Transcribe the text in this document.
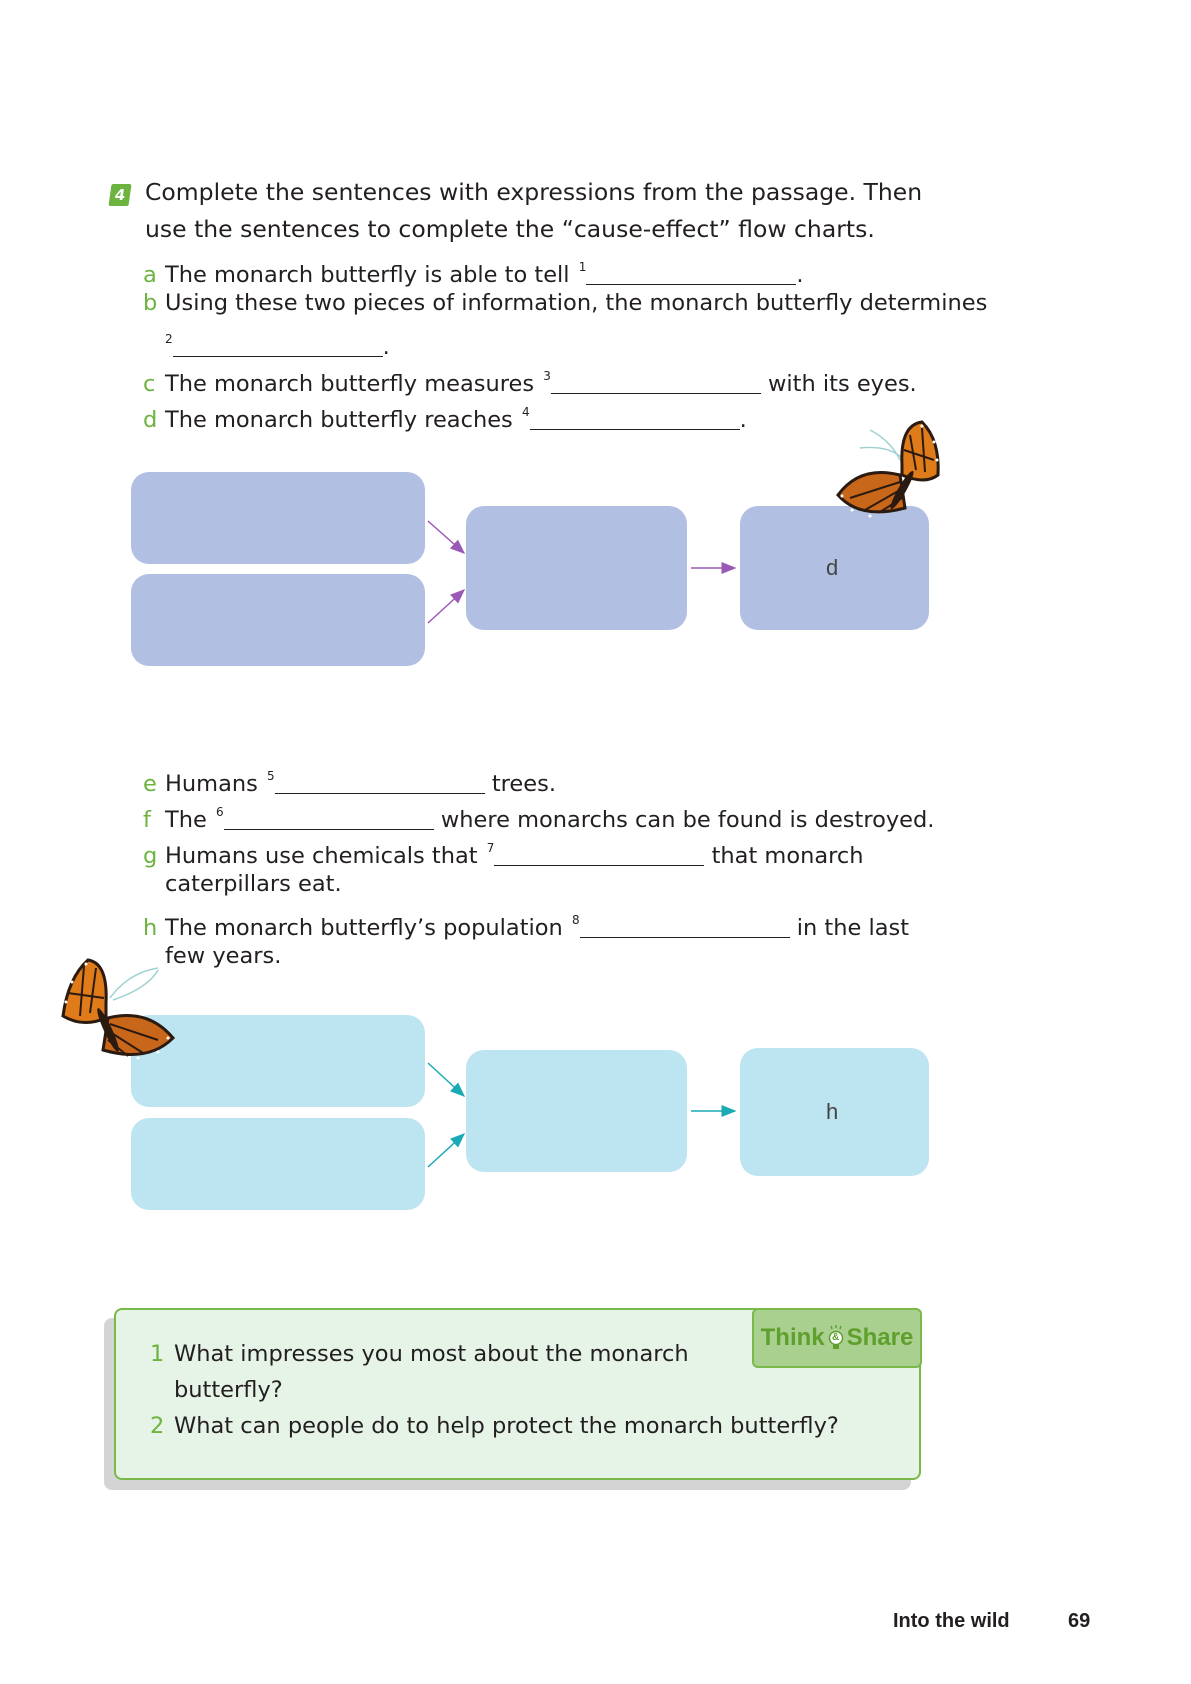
4 Complete the sentences with expressions from the passage. Then use the sentences to complete the “cause-effect” flow charts.
a The monarch butterfly is able to tell $^1$	.
b Using these two pieces of information, the monarch butterfly determines
$^2$	.
c The monarch butterfly measures $^3$	with its eyes.
d The monarch butterfly reaches $^4$	.
d
e Humans $^5$	trees.
f The $^6$	where monarchs can be found is destroyed.
g Humans use chemicals that $^7$	that monarch
caterpillars eat.
h The monarch butterfly’s population $^8$	in the last
few years.
h
Think & Share
1 What impresses you most about the monarch
butterfly?
2 What can people do to help protect the monarch butterfly?
Into the wild	69
